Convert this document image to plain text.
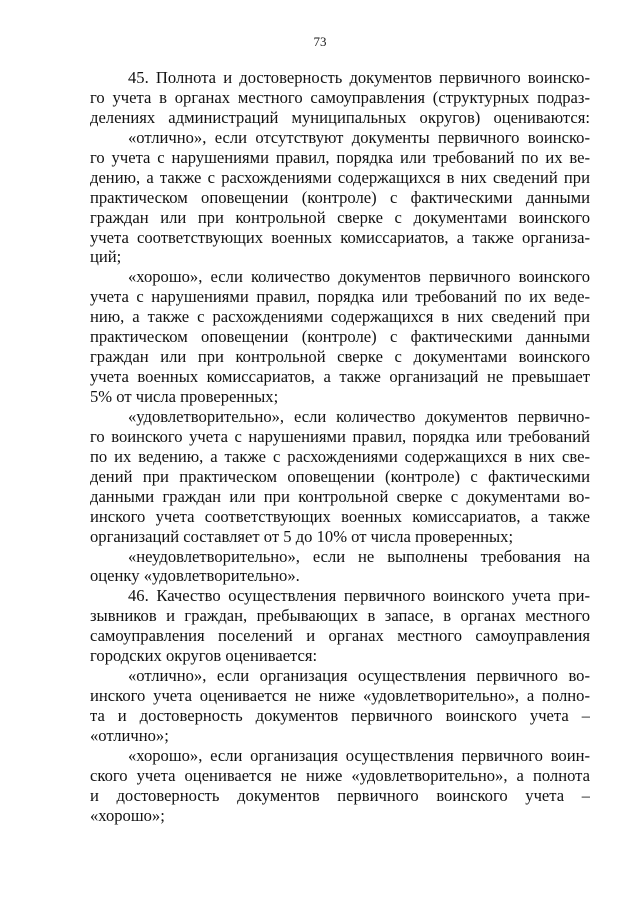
73
45. Полнота и достоверность документов первичного воинско-
го учета в органах местного самоуправления (структурных подраз-
делениях администраций муниципальных округов) оцениваются:
«отлично», если отсутствуют документы первичного воинско-
го учета с нарушениями правил, порядка или требований по их ве-
дению, а также с расхождениями содержащихся в них сведений при
практическом оповещении (контроле) с фактическими данными
граждан или при контрольной сверке с документами воинского
учета соответствующих военных комиссариатов, а также организа-
ций;
«хорошо», если количество документов первичного воинского
учета с нарушениями правил, порядка или требований по их веде-
нию, а также с расхождениями содержащихся в них сведений при
практическом оповещении (контроле) с фактическими данными
граждан или при контрольной сверке с документами воинского
учета военных комиссариатов, а также организаций не превышает
5% от числа проверенных;
«удовлетворительно», если количество документов первично-
го воинского учета с нарушениями правил, порядка или требований
по их ведению, а также с расхождениями содержащихся в них све-
дений при практическом оповещении (контроле) с фактическими
данными граждан или при контрольной сверке с документами во-
инского учета соответствующих военных комиссариатов, а также
организаций составляет от 5 до 10% от числа проверенных;
«неудовлетворительно», если не выполнены требования на
оценку «удовлетворительно».
46. Качество осуществления первичного воинского учета при-
зывников и граждан, пребывающих в запасе, в органах местного
самоуправления поселений и органах местного самоуправления
городских округов оценивается:
«отлично», если организация осуществления первичного во-
инского учета оценивается не ниже «удовлетворительно», а полно-
та и достоверность документов первичного воинского учета –
«отлично»;
«хорошо», если организация осуществления первичного воин-
ского учета оценивается не ниже «удовлетворительно», а полнота
и достоверность документов первичного воинского учета –
«хорошо»;
